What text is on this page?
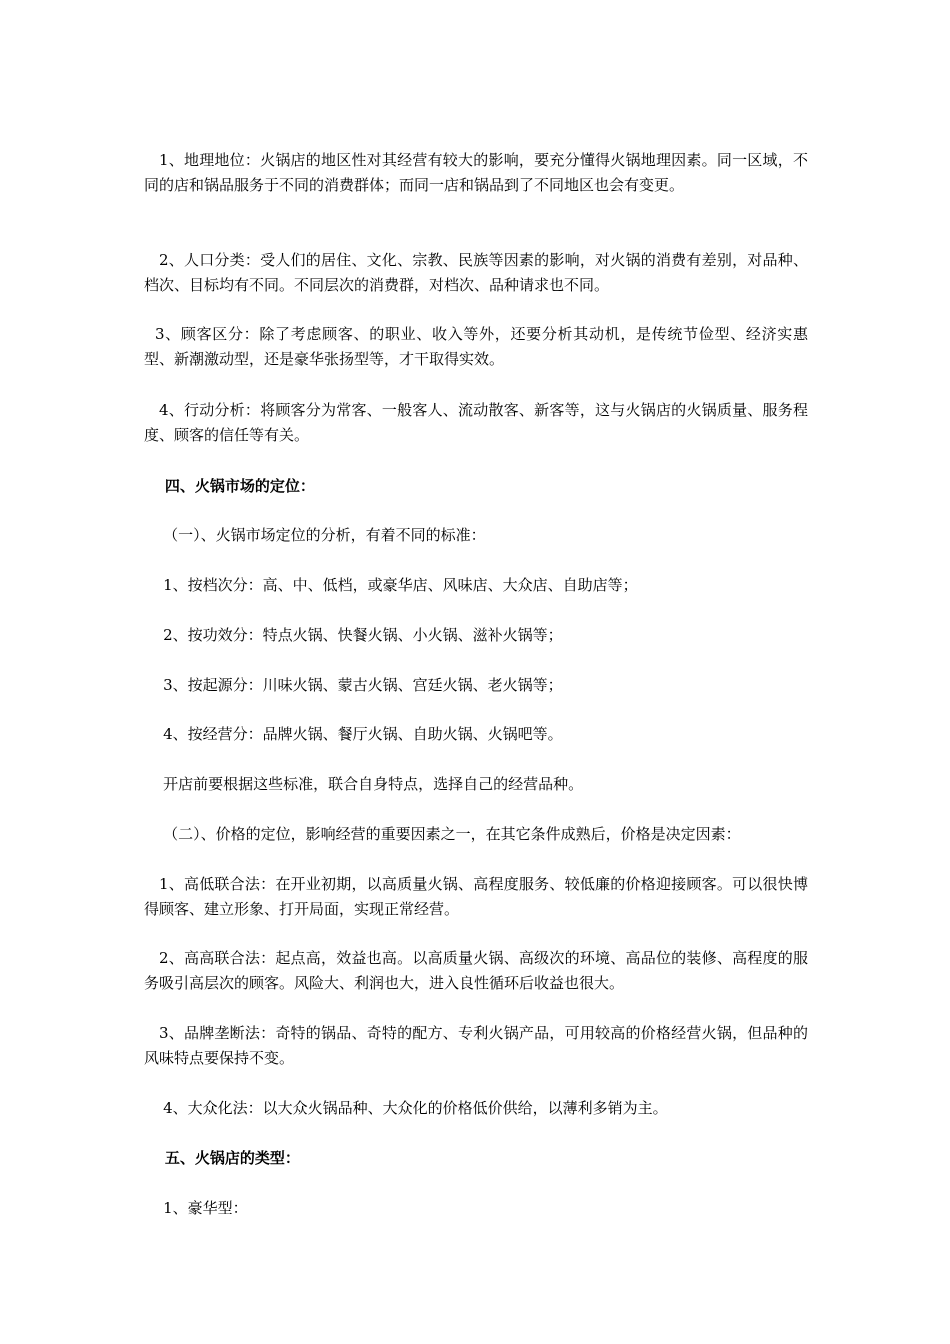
1、地理地位：火锅店的地区性对其经营有较大的影响，要充分懂得火锅地理因素。同一区域，不同的店和锅品服务于不同的消费群体；而同一店和锅品到了不同地区也会有变更。

2、人口分类：受人们的居住、文化、宗教、民族等因素的影响，对火锅的消费有差别，对品种、档次、目标均有不同。不同层次的消费群，对档次、品种请求也不同。

3、顾客区分：除了考虑顾客、的职业、收入等外，还要分析其动机，是传统节俭型、经济实惠型、新潮激动型，还是豪华张扬型等，才干取得实效。

4、行动分析：将顾客分为常客、一般客人、流动散客、新客等，这与火锅店的火锅质量、服务程度、顾客的信任等有关。

四、火锅市场的定位：

（一）、火锅市场定位的分析，有着不同的标准：

1、按档次分：高、中、低档，或豪华店、风味店、大众店、自助店等；

2、按功效分：特点火锅、快餐火锅、小火锅、滋补火锅等；

3、按起源分：川味火锅、蒙古火锅、宫廷火锅、老火锅等；

4、按经营分：品牌火锅、餐厅火锅、自助火锅、火锅吧等。

开店前要根据这些标准，联合自身特点，选择自己的经营品种。

（二）、价格的定位，影响经营的重要因素之一，在其它条件成熟后，价格是决定因素：

1、高低联合法：在开业初期，以高质量火锅、高程度服务、较低廉的价格迎接顾客。可以很快博得顾客、建立形象、打开局面，实现正常经营。

2、高高联合法：起点高，效益也高。以高质量火锅、高级次的环境、高品位的装修、高程度的服务吸引高层次的顾客。风险大、利润也大，进入良性循环后收益也很大。

3、品牌垄断法：奇特的锅品、奇特的配方、专利火锅产品，可用较高的价格经营火锅，但品种的风味特点要保持不变。

4、大众化法：以大众火锅品种、大众化的价格低价供给，以薄利多销为主。

五、火锅店的类型：

1、豪华型：
